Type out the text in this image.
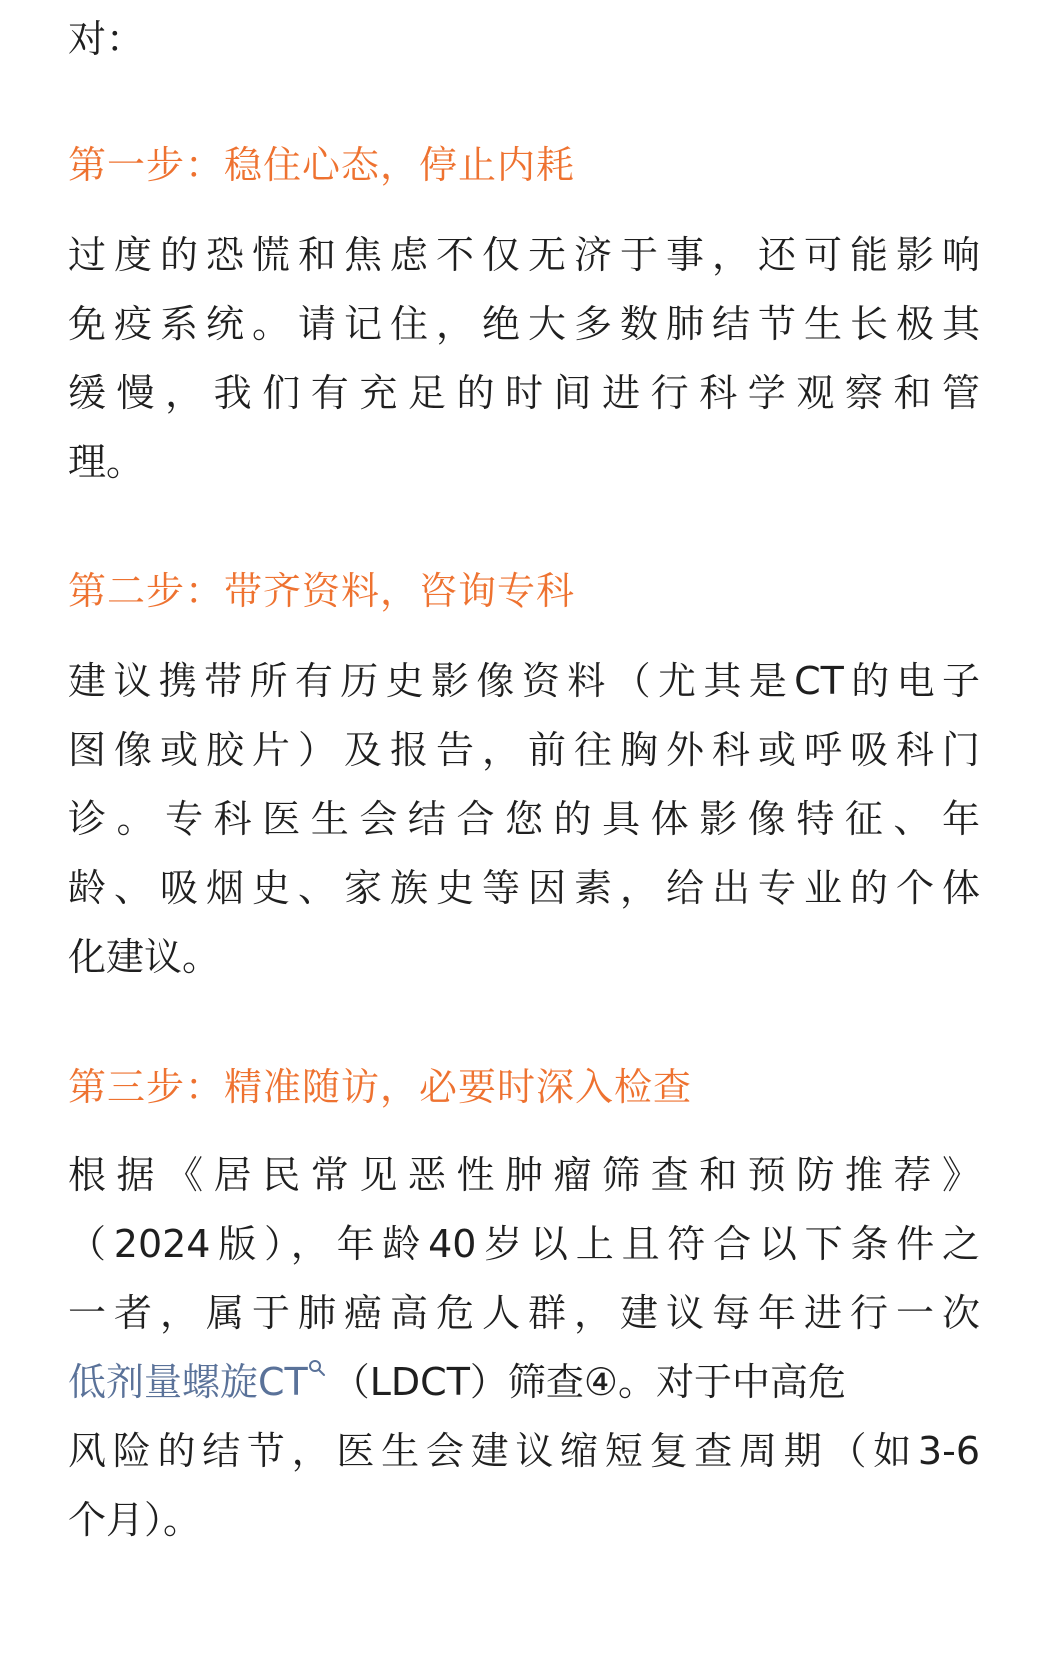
对：
第一步：稳住心态，停止内耗
过度的恐慌和焦虑不仅无济于事，还可能影响
免疫系统。请记住，绝大多数肺结节生长极其
缓慢，我们有充足的时间进行科学观察和管
理。
第二步：带齐资料，咨询专科
建议携带所有历史影像资料（尤其是CT的电子
图像或胶片）及报告，前往胸外科或呼吸科门
诊。专科医生会结合您的具体影像特征、年
龄、吸烟史、家族史等因素，给出专业的个体
化建议。
第三步：精准随访，必要时深入检查
根据《居民常见恶性肿瘤筛查和预防推荐》
（2024版），年龄40岁以上且符合以下条件之
一者，属于肺癌高危人群，建议每年进行一次
低剂量螺旋CT （LDCT）筛查④。对于中高危
风险的结节，医生会建议缩短复查周期（如3-6
个月）。
